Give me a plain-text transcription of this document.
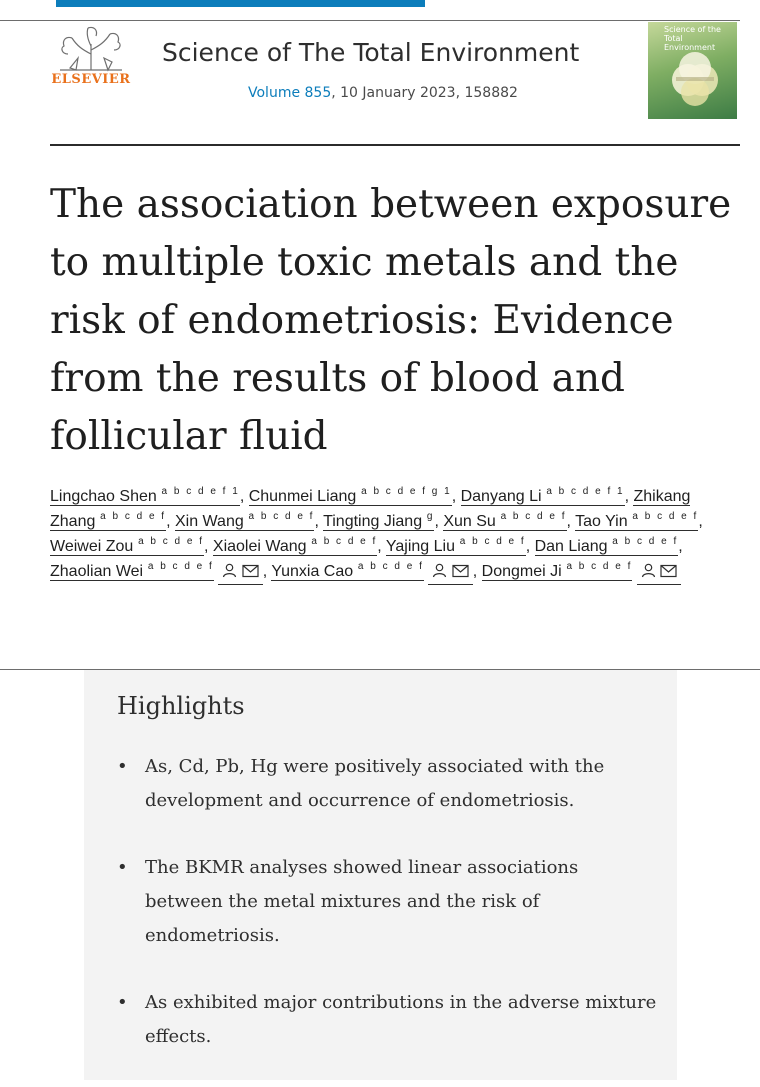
ELSEVIER
Science of The Total Environment
Volume 855, 10 January 2023, 158882
Science of the Total Environment
The association between exposure to multiple toxic metals and the risk of endometriosis: Evidence from the results of blood and follicular fluid
Lingchao Shen $^{a b c d e f 1}$, Chunmei Liang $^{a b c d e f g 1}$, Danyang Li $^{a b c d e f 1}$, Zhikang Zhang $^{a b c d e f}$, Xin Wang $^{a b c d e f}$, Tingting Jiang $^g$, Xun Su $^{a b c d e f}$, Tao Yin $^{a b c d e f}$, Weiwei Zou $^{a b c d e f}$, Xiaolei Wang $^{a b c d e f}$, Yajing Liu $^{a b c d e f}$, Dan Liang $^{a b c d e f}$, Zhaolian Wei $^{a b c d e f}$	, Yunxia Cao $^{a b c d e f}$	, Dongmei Ji $^{a b c d e f}$
Highlights
• As, Cd, Pb, Hg were positively associated with the development and occurrence of endometriosis.
• The BKMR analyses showed linear associations between the metal mixtures and the risk of endometriosis.
• As exhibited major contributions in the adverse mixture effects.
